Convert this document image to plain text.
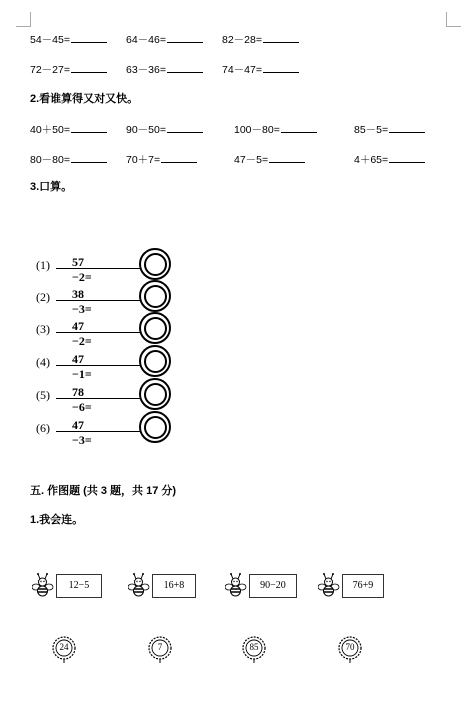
54－45=	64－46=	82－28=
72－27=	63－36=	74－47=
2.看谁算得又对又快。
40＋50=	90－50=	100－80=	85－5=
80－80=	70＋7=	47－5=	4＋65=
3.口算。
(1) 57 −2=
(2) 38 −3=
(3) 47 −2=
(4) 47 −1=
(5) 78 −6=
(6) 47 −3=
五. 作图题 (共 3 题，共 17 分)
1.我会连。
12−5	16+8	90−20	76+9
24	7	85	70
